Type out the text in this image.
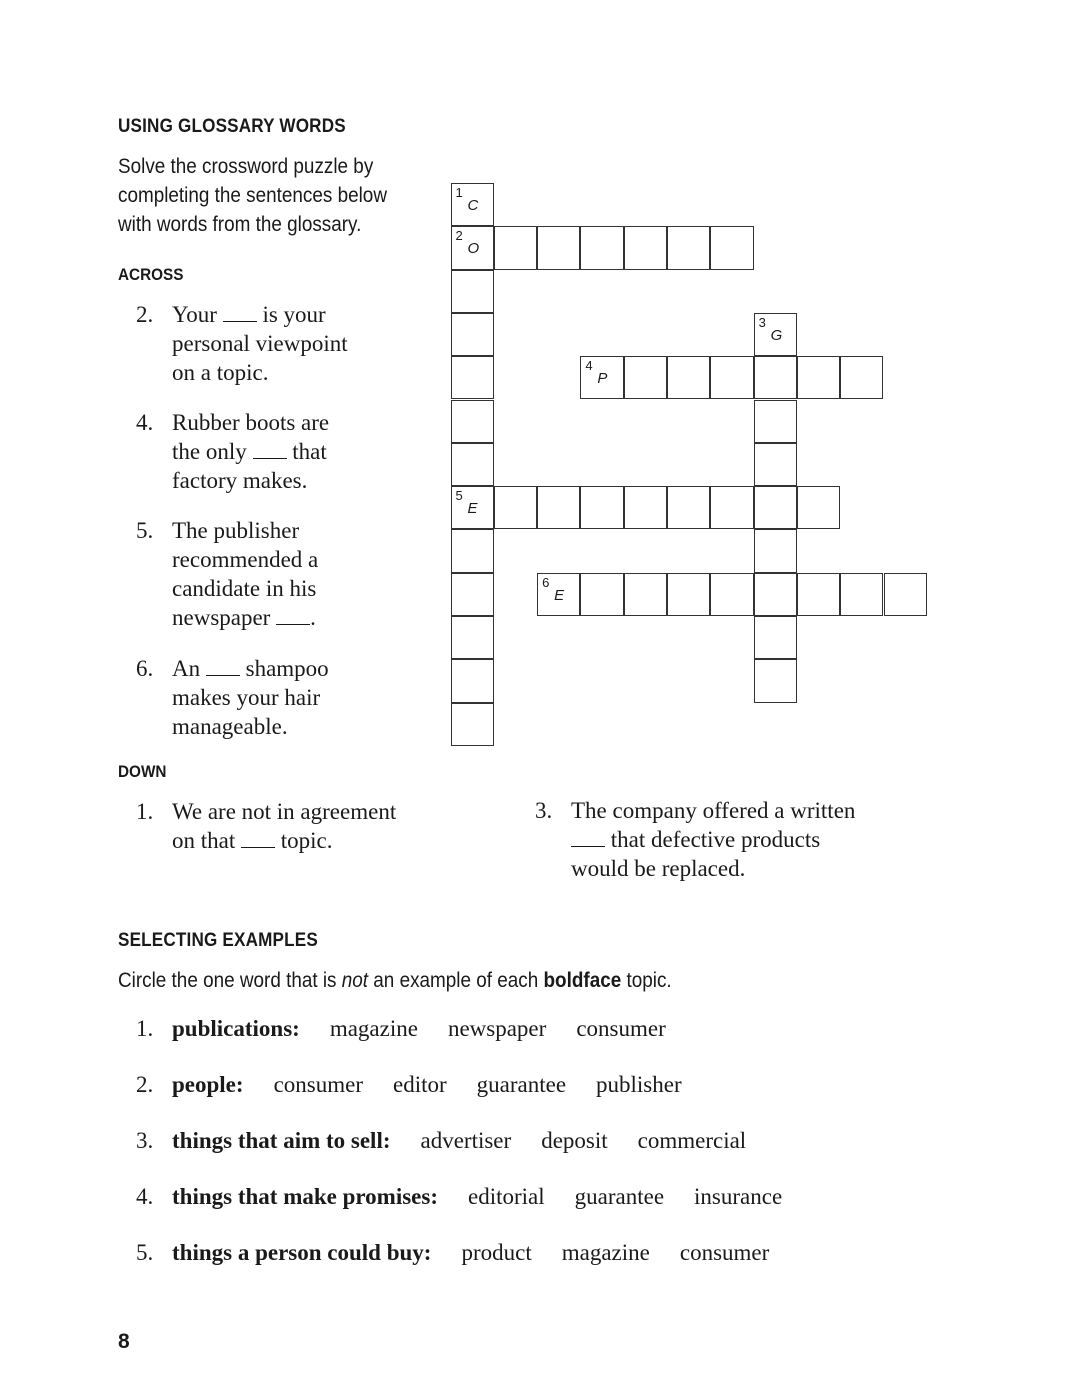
USING GLOSSARY WORDS
Solve the crossword puzzle by
completing the sentences below
with words from the glossary.
ACROSS
2. Your  is your
personal viewpoint
on a topic.
4. Rubber boots are
the only  that
factory makes.
5. The publisher
recommended a
candidate in his
newspaper .
6. An  shampoo
makes your hair
manageable.
DOWN
1. We are not in agreement
on that  topic.
3. The company offered a written
that defective products
would be replaced.
1
C
2
O
5
E
3
G
4
P
6
E
SELECTING EXAMPLES
Circle the one word that is not an example of each boldface topic.
1. publications: magazine newspaper consumer
2. people: consumer editor guarantee publisher
3. things that aim to sell: advertiser deposit commercial
4. things that make promises: editorial guarantee insurance
5. things a person could buy: product magazine consumer
8
